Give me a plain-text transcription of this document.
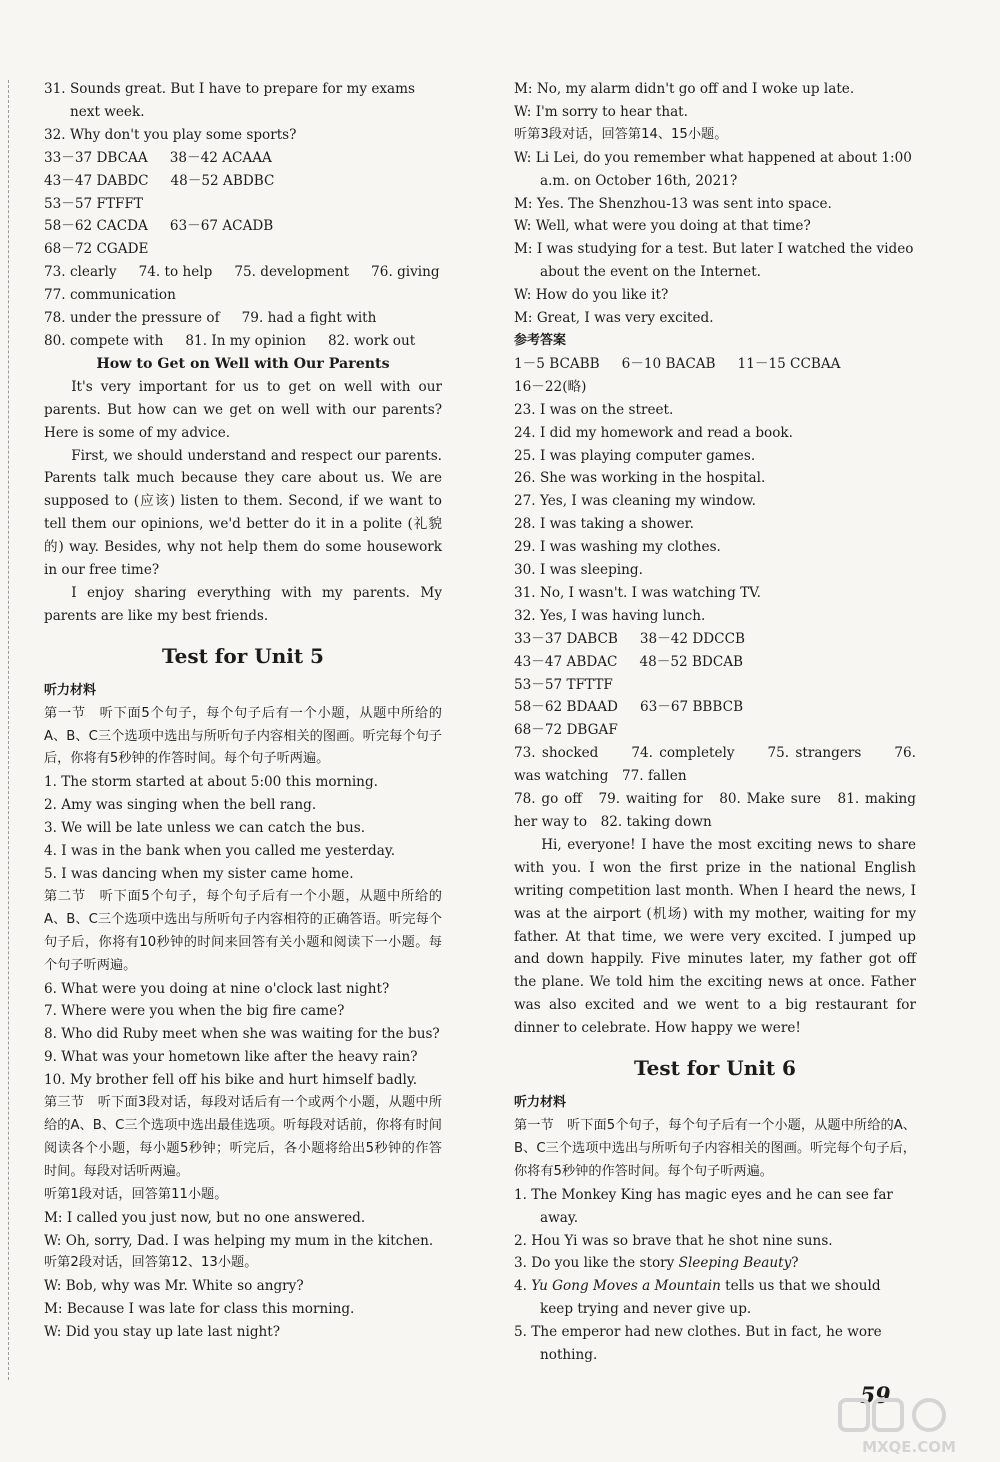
31. Sounds great. But I have to prepare for my exams next week.

32. Why don't you play some sports?

33－37 DBCAA 38－42 ACAAA

43－47 DABDC 48－52 ABDBC

53－57 FTFFT

58－62 CACDA 63－67 ACADB

68－72 CGADE

73. clearly 74. to help 75. development 76. giving

77. communication

78. under the pressure of 79. had a fight with

80. compete with 81. In my opinion 82. work out

How to Get on Well with Our Parents

It's very important for us to get on well with our parents. But how can we get on well with our parents? Here is some of my advice.

First, we should understand and respect our parents. Parents talk much because they care about us. We are supposed to (应该) listen to them. Second, if we want to tell them our opinions, we'd better do it in a polite (礼貌的) way. Besides, why not help them do some housework in our free time?

I enjoy sharing everything with my parents. My parents are like my best friends.

Test for Unit 5

听力材料

第一节　听下面5个句子，每个句子后有一个小题，从题中所给的A、B、C三个选项中选出与所听句子内容相关的图画。听完每个句子后，你将有5秒钟的作答时间。每个句子听两遍。

1. The storm started at about 5:00 this morning.

2. Amy was singing when the bell rang.

3. We will be late unless we can catch the bus.

4. I was in the bank when you called me yesterday.

5. I was dancing when my sister came home.

第二节　听下面5个句子，每个句子后有一个小题，从题中所给的A、B、C三个选项中选出与所听句子内容相符的正确答语。听完每个句子后，你将有10秒钟的时间来回答有关小题和阅读下一小题。每个句子听两遍。

6. What were you doing at nine o'clock last night?

7. Where were you when the big fire came?

8. Who did Ruby meet when she was waiting for the bus?

9. What was your hometown like after the heavy rain?

10. My brother fell off his bike and hurt himself badly.

第三节　听下面3段对话，每段对话后有一个或两个小题，从题中所给的A、B、C三个选项中选出最佳选项。听每段对话前，你将有时间阅读各个小题，每小题5秒钟；听完后，各小题将给出5秒钟的作答时间。每段对话听两遍。

听第1段对话，回答第11小题。

M: I called you just now, but no one answered.

W: Oh, sorry, Dad. I was helping my mum in the kitchen.

听第2段对话，回答第12、13小题。

W: Bob, why was Mr. White so angry?

M: Because I was late for class this morning.

W: Did you stay up late last night?

M: No, my alarm didn't go off and I woke up late.

W: I'm sorry to hear that.

听第3段对话，回答第14、15小题。

W: Li Lei, do you remember what happened at about 1:00 a.m. on October 16th, 2021?

M: Yes. The Shenzhou-13 was sent into space.

W: Well, what were you doing at that time?

M: I was studying for a test. But later I watched the video about the event on the Internet.

W: How do you like it?

M: Great, I was very excited.

参考答案

1－5 BCABB 6－10 BACAB 11－15 CCBAA

16－22(略)

23. I was on the street.

24. I did my homework and read a book.

25. I was playing computer games.

26. She was working in the hospital.

27. Yes, I was cleaning my window.

28. I was taking a shower.

29. I was washing my clothes.

30. I was sleeping.

31. No, I wasn't. I was watching TV.

32. Yes, I was having lunch.

33－37 DABCB 38－42 DDCCB

43－47 ABDAC 48－52 BDCAB

53－57 TFTTF

58－62 BDAAD 63－67 BBBCB

68－72 DBGAF

73. shocked　　74. completely　　75. strangers　　76. was watching　77. fallen

78. go off　79. waiting for　80. Make sure　81. making her way to　82. taking down

Hi, everyone! I have the most exciting news to share with you. I won the first prize in the national English writing competition last month. When I heard the news, I was at the airport (机场) with my mother, waiting for my father. At that time, we were very excited. I jumped up and down happily. Five minutes later, my father got off the plane. We told him the exciting news at once. Father was also excited and we went to a big restaurant for dinner to celebrate. How happy we were!

Test for Unit 6

听力材料

第一节　听下面5个句子，每个句子后有一个小题，从题中所给的A、B、C三个选项中选出与所听句子内容相关的图画。听完每个句子后，你将有5秒钟的作答时间。每个句子听两遍。

1. The Monkey King has magic eyes and he can see far away.

2. Hou Yi was so brave that he shot nine suns.

3. Do you like the story Sleeping Beauty?

4. Yu Gong Moves a Mountain tells us that we should keep trying and never give up.

5. The emperor had new clothes. But in fact, he wore nothing.

59
MXQE.COM
